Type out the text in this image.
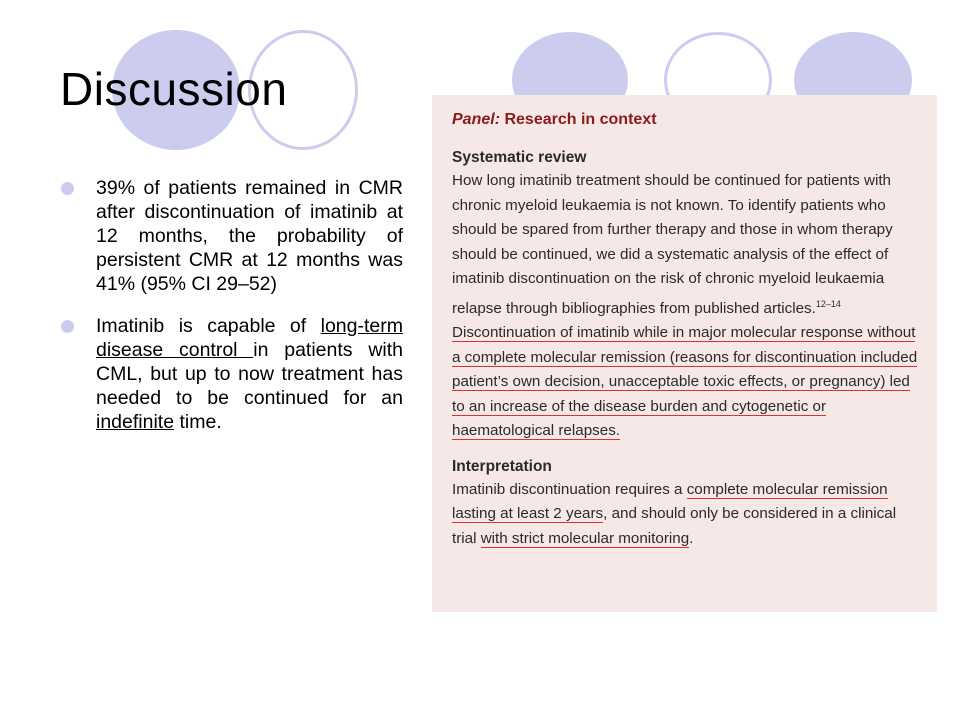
Discussion
39% of patients remained in CMR after discontinuation of imatinib at 12 months, the probability of persistent CMR at 12 months was 41% (95% CI 29–52)
Imatinib is capable of long-term disease control in patients with CML, but up to now treatment has needed to be continued for an indefinite time.
Panel: Research in context
Systematic review

How long imatinib treatment should be continued for patients with chronic myeloid leukaemia is not known. To identify patients who should be spared from further therapy and those in whom therapy should be continued, we did a systematic analysis of the effect of imatinib discontinuation on the risk of chronic myeloid leukaemia relapse through bibliographies from published articles.$^{12-14}$ Discontinuation of imatinib while in major molecular response without a complete molecular remission (reasons for discontinuation included patient’s own decision, unacceptable toxic effects, or pregnancy) led to an increase of the disease burden and cytogenetic or haematological relapses.

Interpretation

Imatinib discontinuation requires a complete molecular remission lasting at least 2 years, and should only be considered in a clinical trial with strict molecular monitoring.
